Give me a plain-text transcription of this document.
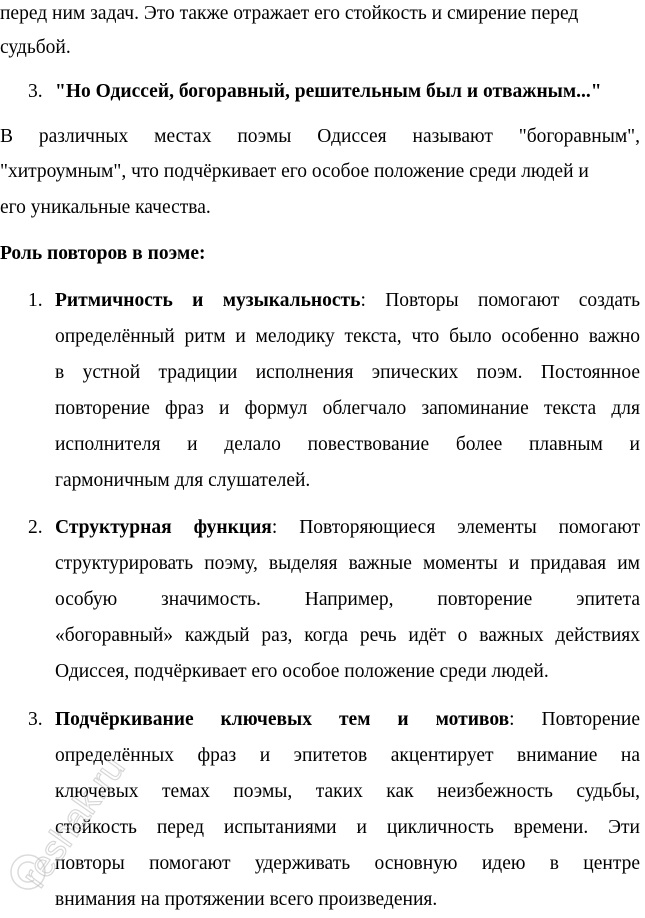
перед ним задач. Это также отражает его стойкость и смирение перед
судьбой.
3. "Но Одиссей, богоравный, решительным был и отважным..."
В различных местах поэмы Одиссея называют "богоравным",
"хитроумным", что подчёркивает его особое положение среди людей и
его уникальные качества.
Роль повторов в поэме:
1. Ритмичность и музыкальность: Повторы помогают создать
определённый ритм и мелодику текста, что было особенно важно
в устной традиции исполнения эпических поэм. Постоянное
повторение фраз и формул облегчало запоминание текста для
исполнителя и делало повествование более плавным и
гармоничным для слушателей.
2. Структурная функция: Повторяющиеся элементы помогают
структурировать поэму, выделяя важные моменты и придавая им
особую значимость. Например, повторение эпитета
«богоравный» каждый раз, когда речь идёт о важных действиях
Одиссея, подчёркивает его особое положение среди людей.
3. Подчёркивание ключевых тем и мотивов: Повторение
определённых фраз и эпитетов акцентирует внимание на
ключевых темах поэмы, таких как неизбежность судьбы,
стойкость перед испытаниями и цикличность времени. Эти
повторы помогают удерживать основную идею в центре
внимания на протяжении всего произведения.
reshak.ru
